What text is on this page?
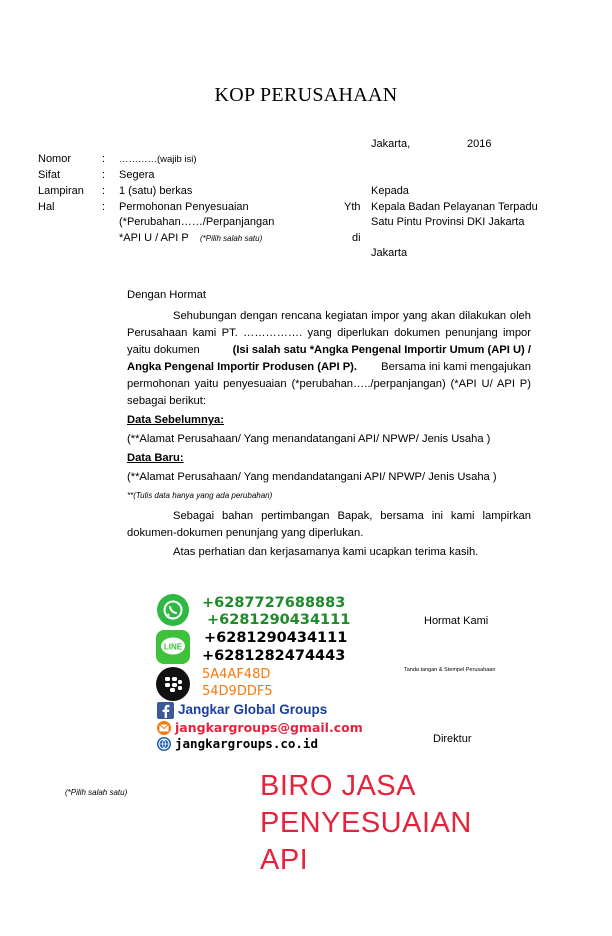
KOP PERUSAHAAN
Jakarta,	2016
Nomor	: …………(wajib isi)
Sifat	: Segera
Lampiran : 1 (satu) berkas
Hal	: Permohonan Penyesuaian
(*Perubahan……/Perpanjangan
*API U / API P (*Pilih salah satu)
Kepada
Yth Kepala Badan Pelayanan Terpadu
Satu Pintu Provinsi DKI Jakarta
di
Jakarta
Dengan Hormat
Sehubungan dengan rencana kegiatan impor yang akan dilakukan oleh
Perusahaan kami PT. ……………. yang diperlukan dokumen penunjang impor
yaitu dokumen	(Isi salah satu *Angka Pengenal Importir Umum (API U) /
Angka Pengenal Importir Produsen (API P). Bersama ini kami mengajukan
permohonan yaitu penyesuaian (*perubahan…../perpanjangan) (*API U/ API P)
sebagai berikut:
Data Sebelumnya:
(**Alamat Perusahaan/ Yang menandatangani API/ NPWP/ Jenis Usaha )
Data Baru:
(**Alamat Perusahaan/ Yang mendandatangani API/ NPWP/ Jenis Usaha )
**(Tulis data hanya yang ada perubahan)
Sebagai bahan pertimbangan Bapak, bersama ini kami lampirkan
dokumen-dokumen penunjang yang diperlukan.
Atas perhatian dan kerjasamanya kami ucapkan terima kasih.
Hormat Kami
Tanda tangan & Stempel Perusahaan
Direktur
(*Pilih salah satu)
+6287727688883
+6281290434111
LINE
+6281290434111
+6281282474443
5A4AF48D
54D9DDF5
Jangkar Global Groups
jangkargroups@gmail.com
jangkargroups.co.id
BIRO JASA
PENYESUAIAN
API
